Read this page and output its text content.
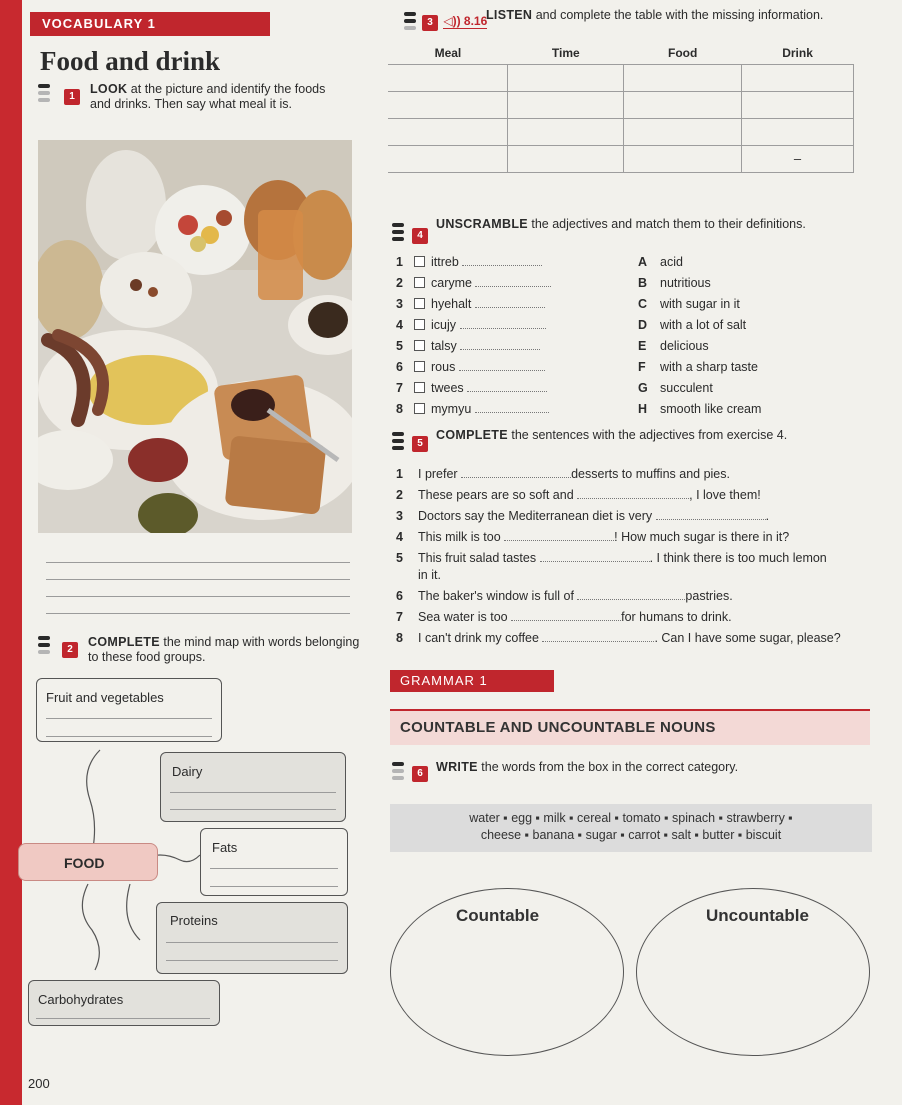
VOCABULARY 1
Food and drink
1
LOOK at the picture and identify the foods and drinks. Then say what meal it is.
2
COMPLETE the mind map with words belonging to these food groups.
Fruit and vegetables
Dairy
Fats
FOOD
Proteins
Carbohydrates
200
3 ◁)) 8.16
LISTEN and complete the table with the missing information.
Meal	Time	Food	Drink

			–
4
UNSCRAMBLE the adjectives and match them to their definitions.
1 ittreb
2 caryme
3 hyehalt
4 icujy
5 talsy
6 rous
7 twees
8 mymyu
A acid
B nutritious
C with sugar in it
D with a lot of salt
E delicious
F with a sharp taste
G succulent
H smooth like cream
5
COMPLETE the sentences with the adjectives from exercise 4.
1 I prefer	desserts to muffins and pies.
2 These pears are so soft and	, I love them!
3 Doctors say the Mediterranean diet is very	.
4 This milk is too	! How much sugar is there in it?
5 This fruit salad tastes	. I think there is too much lemon
in it.
6 The baker's window is full of	pastries.
7 Sea water is too	for humans to drink.
8 I can't drink my coffee	. Can I have some sugar, please?
GRAMMAR 1
COUNTABLE AND UNCOUNTABLE NOUNS
6	WRITE the words from the box in the correct category.
water ▪ egg ▪ milk ▪ cereal ▪ tomato ▪ spinach ▪ strawberry ▪
cheese ▪ banana ▪ sugar ▪ carrot ▪ salt ▪ butter ▪ biscuit
Countable	Uncountable
